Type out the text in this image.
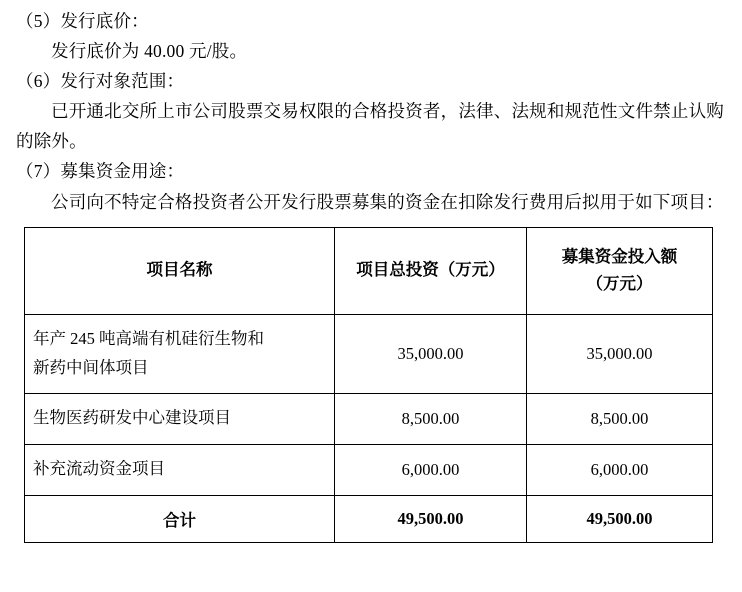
（5）发行底价：

发行底价为 40.00 元/股。

（6）发行对象范围：

已开通北交所上市公司股票交易权限的合格投资者，法律、法规和规范性文件禁止认购的除外。

（7）募集资金用途：

公司向不特定合格投资者公开发行股票募集的资金在扣除发行费用后拟用于如下项目：

项目名称	项目总投资（万元）	募集资金投入额
（万元）

年产 245 吨高端有机硅衍生物和
新药中间体项目	35,000.00	35,000.00
生物医药研发中心建设项目	8,500.00	8,500.00
补充流动资金项目	6,000.00	6,000.00
合计	49,500.00	49,500.00
